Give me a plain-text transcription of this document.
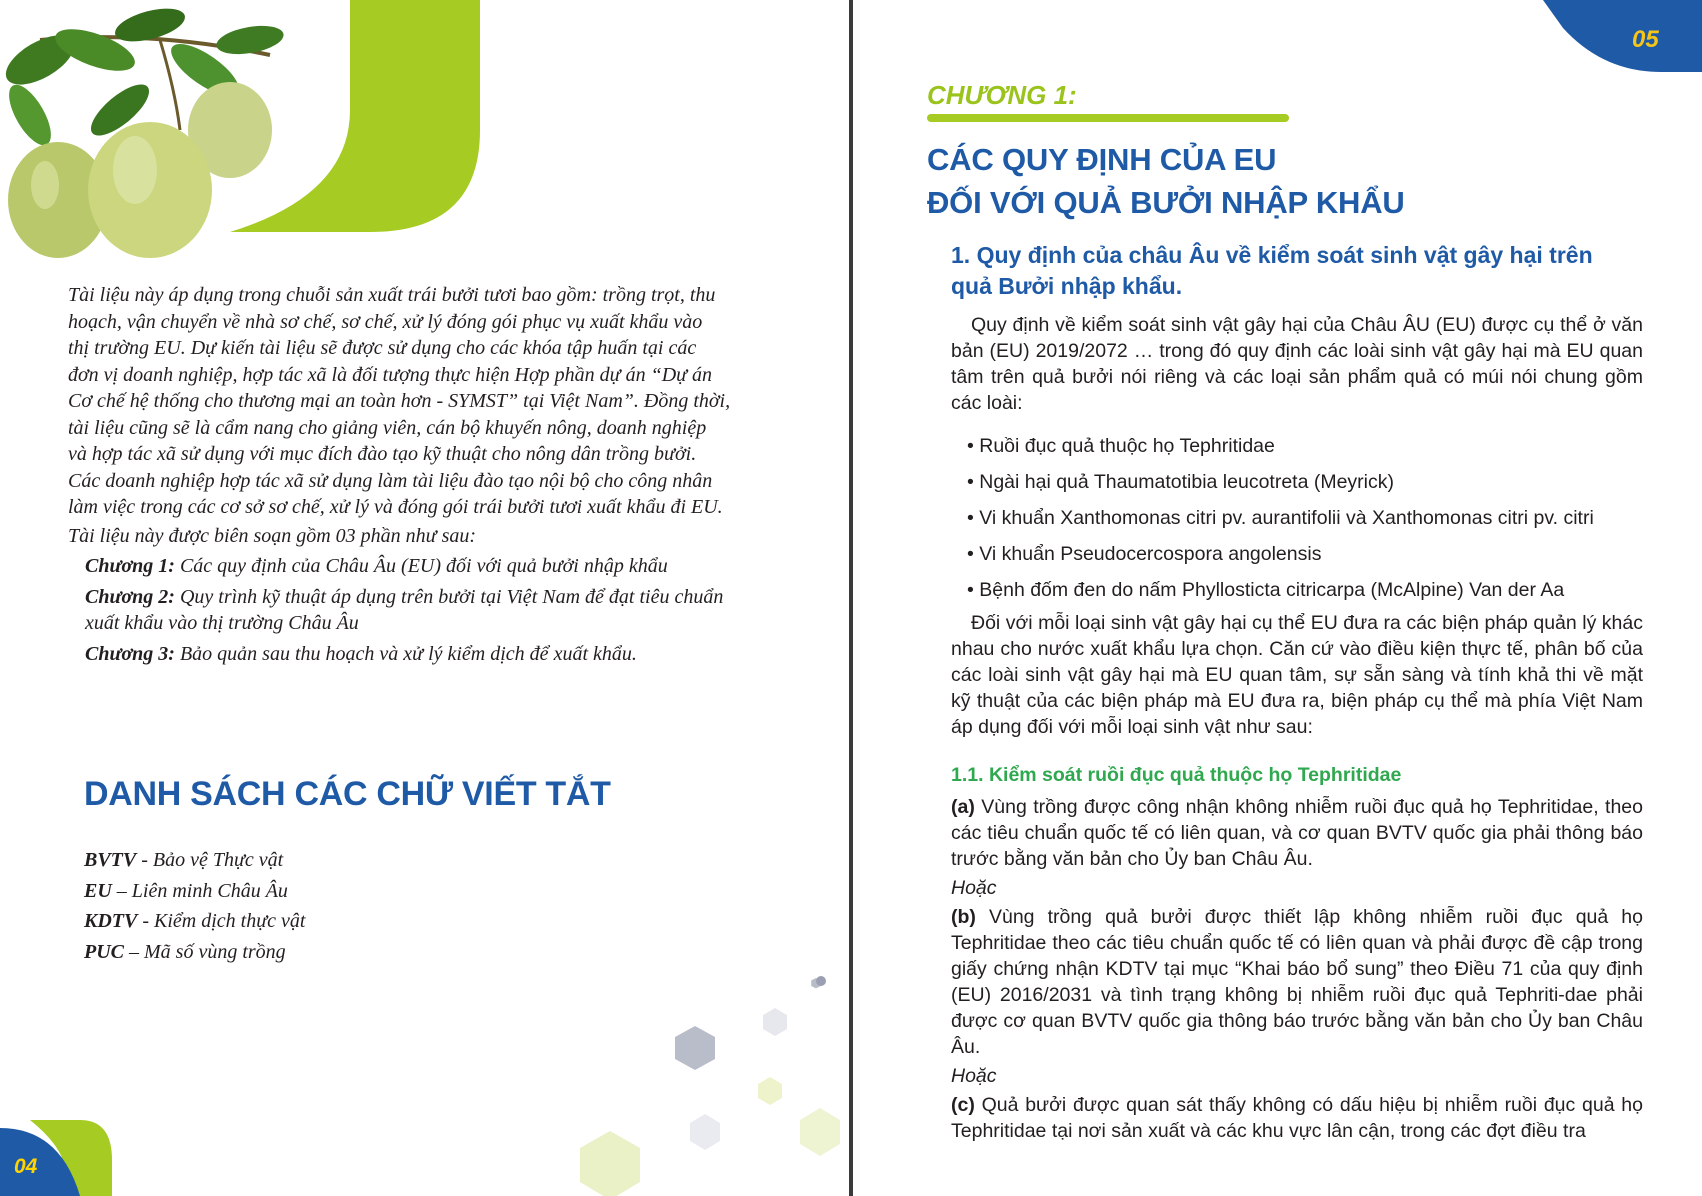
Tài liệu này áp dụng trong chuỗi sản xuất trái bưởi tươi bao gồm: trồng trọt, thu
hoạch, vận chuyển về nhà sơ chế, sơ chế, xử lý đóng gói phục vụ xuất khẩu vào
thị trường EU. Dự kiến tài liệu sẽ được sử dụng cho các khóa tập huấn tại các
đơn vị doanh nghiệp, hợp tác xã là đối tượng thực hiện Hợp phần dự án “Dự án
Cơ chế hệ thống cho thương mại an toàn hơn - SYMST” tại Việt Nam”. Đồng thời,
tài liệu cũng sẽ là cẩm nang cho giảng viên, cán bộ khuyến nông, doanh nghiệp
và hợp tác xã sử dụng với mục đích đào tạo kỹ thuật cho nông dân trồng bưởi.
Các doanh nghiệp hợp tác xã sử dụng làm tài liệu đào tạo nội bộ cho công nhân
làm việc trong các cơ sở sơ chế, xử lý và đóng gói trái bưởi tươi xuất khẩu đi EU.
Tài liệu này được biên soạn gồm 03 phần như sau:
Chương 1: Các quy định của Châu Âu (EU) đối với quả bưởi nhập khẩu
Chương 2: Quy trình kỹ thuật áp dụng trên bưởi tại Việt Nam để đạt tiêu chuẩn xuất khẩu vào thị trường Châu Âu
Chương 3: Bảo quản sau thu hoạch và xử lý kiểm dịch để xuất khẩu.
DANH SÁCH CÁC CHỮ VIẾT TẮT
BVTV - Bảo vệ Thực vật
EU – Liên minh Châu Âu
KDTV - Kiểm dịch thực vật
PUC – Mã số vùng trồng
04
05
CHƯƠNG 1:
CÁC QUY ĐỊNH CỦA EU
ĐỐI VỚI QUẢ BƯỞI NHẬP KHẨU
1. Quy định của châu Âu về kiểm soát sinh vật gây hại trên
quả Bưởi nhập khẩu.

Quy định về kiểm soát sinh vật gây hại của Châu ÂU (EU) được cụ thể ở văn bản (EU) 2019/2072 … trong đó quy định các loài sinh vật gây hại mà EU quan tâm trên quả bưởi nói riêng và các loại sản phẩm quả có múi nói chung gồm các loài:

• Ruồi đục quả thuộc họ Tephritidae
• Ngài hại quả Thaumatotibia leucotreta (Meyrick)
• Vi khuẩn Xanthomonas citri pv. aurantifolii và Xanthomonas citri pv. citri
• Vi khuẩn Pseudocercospora angolensis
• Bệnh đốm đen do nấm Phyllosticta citricarpa (McAlpine) Van der Aa

Đối với mỗi loại sinh vật gây hại cụ thể EU đưa ra các biện pháp quản lý khác nhau cho nước xuất khẩu lựa chọn. Căn cứ vào điều kiện thực tế, phân bố của các loài sinh vật gây hại mà EU quan tâm, sự sẵn sàng và tính khả thi về mặt kỹ thuật của các biện pháp mà EU đưa ra, biện pháp cụ thể mà phía Việt Nam áp dụng đối với mỗi loại sinh vật như sau:

1.1. Kiểm soát ruồi đục quả thuộc họ Tephritidae

(a) Vùng trồng được công nhận không nhiễm ruồi đục quả họ Tephritidae, theo các tiêu chuẩn quốc tế có liên quan, và cơ quan BVTV quốc gia phải thông báo trước bằng văn bản cho Ủy ban Châu Âu.

Hoặc

(b) Vùng trồng quả bưởi được thiết lập không nhiễm ruồi đục quả họ Tephritidae theo các tiêu chuẩn quốc tế có liên quan và phải được đề cập trong giấy chứng nhận KDTV tại mục “Khai báo bổ sung” theo Điều 71 của quy định (EU) 2016/2031 và tình trạng không bị nhiễm ruồi đục quả Tephriti-dae phải được cơ quan BVTV quốc gia thông báo trước bằng văn bản cho Ủy ban Châu Âu.

Hoặc

(c) Quả bưởi được quan sát thấy không có dấu hiệu bị nhiễm ruồi đục quả họ Tephritidae tại nơi sản xuất và các khu vực lân cận, trong các đợt điều tra
